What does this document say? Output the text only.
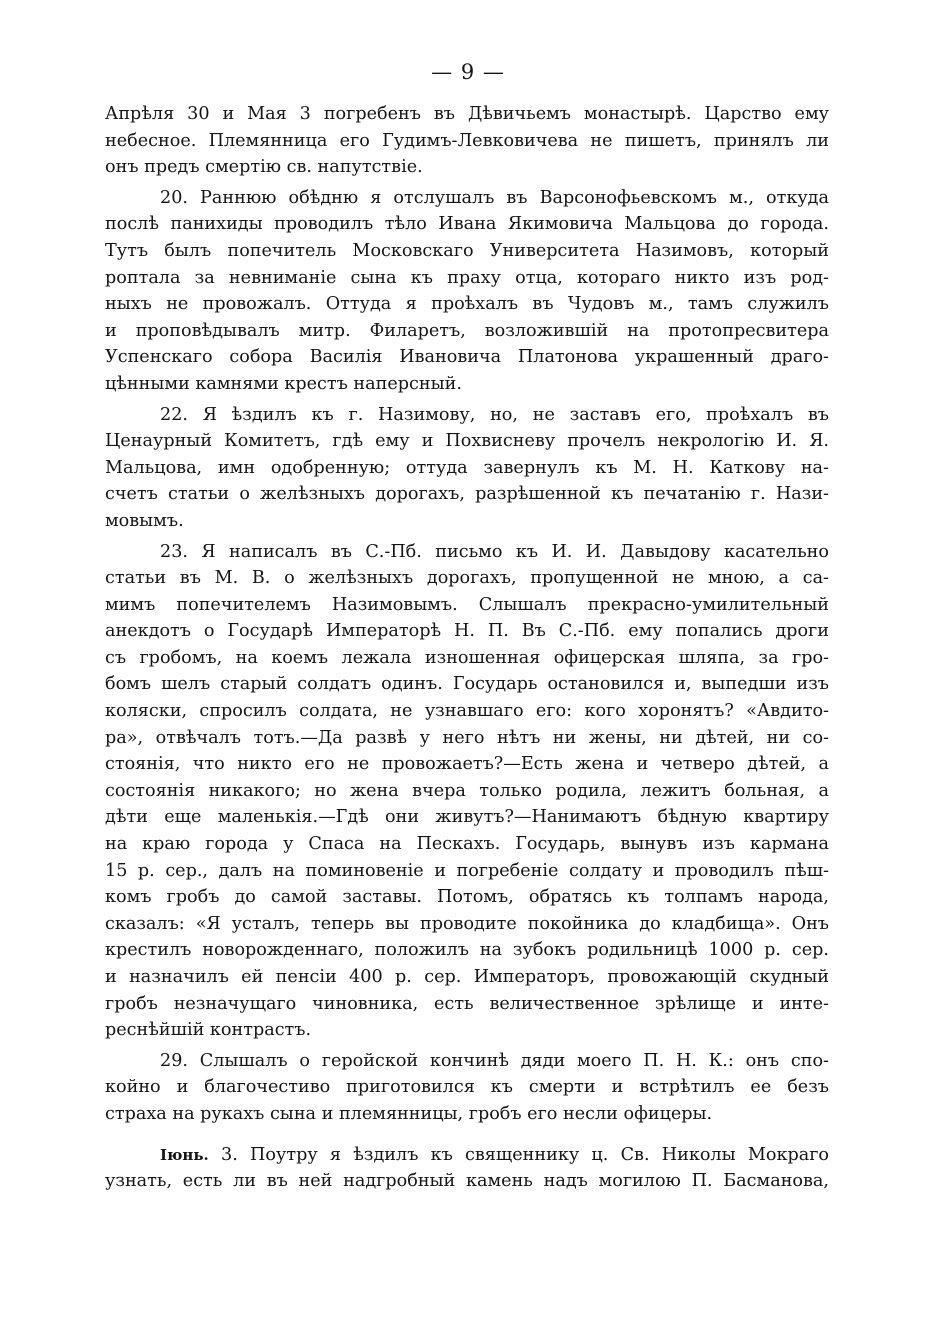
— 9 —
Апрѣля 30 и Мая 3 погребенъ въ Дѣвичьемъ монастырѣ. Царство ему
небесное. Племянница его Гудимъ-Левковичева не пишетъ, принялъ ли
онъ предъ смертію св. напутствіе.
20. Раннюю обѣдню я отслушалъ въ Варсонофьевскомъ м., откуда
послѣ панихиды проводилъ тѣло Ивана Якимовича Мальцова до города.
Тутъ былъ попечитель Московскаго Университета Назимовъ, который
роптала за невниманіе сына къ праху отца, котораго никто изъ род-
ныхъ не провожалъ. Оттуда я проѣхалъ въ Чудовъ м., тамъ служилъ
и проповѣдывалъ митр. Филаретъ, возложившій на протопресвитера
Успенскаго собора Василія Ивановича Платонова украшенный драго-
цѣнными камнями крестъ наперсный.
22. Я ѣздилъ къ г. Назимову, но, не заставъ его, проѣхалъ въ
Ценаурный Комитетъ, гдѣ ему и Похвисневу прочелъ некрологію И. Я.
Мальцова, имн одобренную; оттуда завернулъ къ М. Н. Каткову на-
счетъ статьи о желѣзныхъ дорогахъ, разрѣшенной къ печатанію г. Нази-
мовымъ.
23. Я написалъ въ С.-Пб. письмо къ И. И. Давыдову касательно
статьи въ М. В. о желѣзныхъ дорогахъ, пропущенной не мною, а са-
мимъ попечителемъ Назимовымъ. Слышалъ прекрасно-умилительный
анекдотъ о Государѣ Императорѣ Н. П. Въ С.-Пб. ему попались дроги
съ гробомъ, на коемъ лежала изношенная офицерская шляпа, за гро-
бомъ шелъ старый солдатъ одинъ. Государь остановился и, выпедши изъ
коляски, спросилъ солдата, не узнавшаго его: кого хоронятъ? «Авдито-
ра», отвѣчалъ тотъ.—Да развѣ у него нѣтъ ни жены, ни дѣтей, ни со-
стоянія, что никто его не провожаетъ?—Есть жена и четверо дѣтей, а
состоянія никакого; но жена вчера только родила, лежитъ больная, а
дѣти еще маленькія.—Гдѣ они живутъ?—Нанимаютъ бѣдную квартиру
на краю города у Спаса на Пескахъ. Государь, вынувъ изъ кармана
15 р. сер., далъ на поминовеніе и погребеніе солдату и проводилъ пѣш-
комъ гробъ до самой заставы. Потомъ, обратясь къ толпамъ народа,
сказалъ: «Я усталъ, теперь вы проводите покойника до кладбища». Онъ
крестилъ новорожденнаго, положилъ на зубокъ родильницѣ 1000 р. сер.
и назначилъ ей пенсіи 400 р. сер. Императоръ, провожающій скудный
гробъ незначущаго чиновника, есть величественное зрѣлище и инте-
реснѣйшій контрастъ.
29. Слышалъ о геройской кончинѣ дяди моего П. Н. К.: онъ спо-
койно и благочестиво приготовился къ смерти и встрѣтилъ ее безъ
страха на рукахъ сына и племянницы, гробъ его несли офицеры.
Іюнь. 3. Поутру я ѣздилъ къ священнику ц. Св. Николы Мокраго
узнать, есть ли въ ней надгробный камень надъ могилою П. Басманова,
